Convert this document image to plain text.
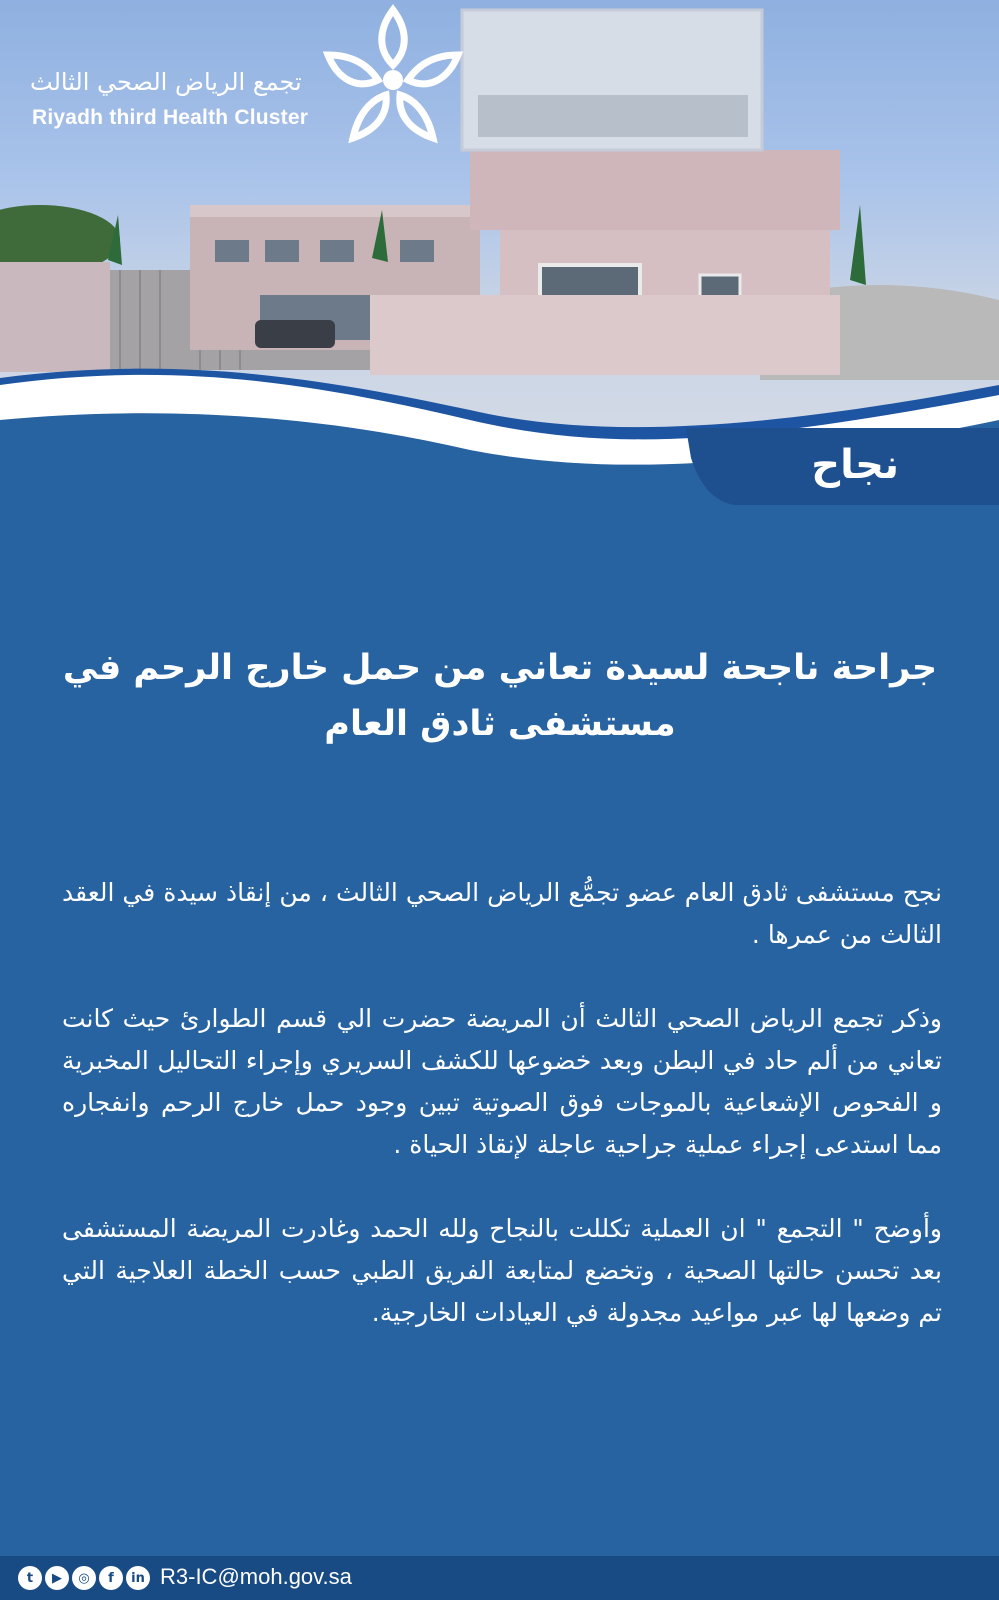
تجمع الرياض الصحي الثالث
Riyadh third Health Cluster
نجاح
جراحة ناجحة لسيدة تعاني من حمل خارج الرحم في مستشفى ثادق العام

نجح مستشفى ثادق العام عضو تجمُّع الرياض الصحي الثالث ، من إنقاذ سيدة في العقد الثالث من عمرها .

وذكر تجمع الرياض الصحي الثالث أن المريضة حضرت الي قسم الطوارئ حيث كانت تعاني من ألم حاد في البطن وبعد خضوعها للكشف السريري وإجراء التحاليل المخبرية و الفحوص الإشعاعية بالموجات فوق الصوتية تبين وجود حمل خارج الرحم وانفجاره مما استدعى إجراء عملية جراحية عاجلة لإنقاذ الحياة .

وأوضح " التجمع " ان العملية تكللت بالنجاح ولله الحمد وغادرت المريضة المستشفى بعد تحسن حالتها الصحية ، وتخضع لمتابعة الفريق الطبي حسب الخطة العلاجية التي تم وضعها لها عبر مواعيد مجدولة في العيادات الخارجية.

t	▶	◎	f	in R3-IC@moh.gov.sa
